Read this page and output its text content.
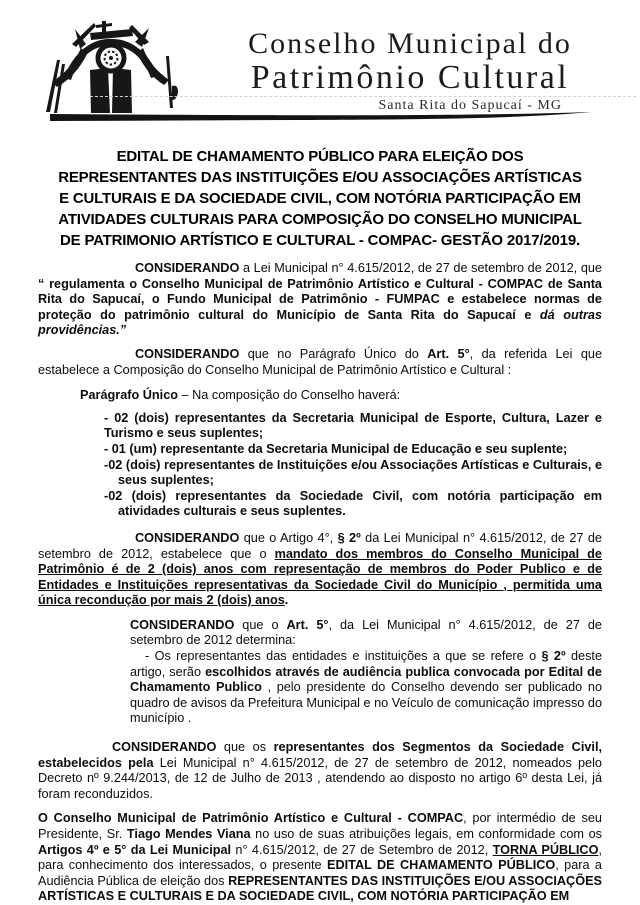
Conselho Municipal do
Patrimônio Cultural
Santa Rita do Sapucaí - MG
EDITAL DE CHAMAMENTO PÚBLICO PARA ELEIÇÃO DOS
REPRESENTANTES DAS INSTITUIÇÕES E/OU ASSOCIAÇÕES ARTÍSTICAS
E CULTURAIS E DA SOCIEDADE CIVIL, COM NOTÓRIA PARTICIPAÇÃO EM
ATIVIDADES CULTURAIS PARA COMPOSIÇÃO DO CONSELHO MUNICIPAL
DE PATRIMONIO ARTÍSTICO E CULTURAL - COMPAC- GESTÃO 2017/2019.
CONSIDERANDO a Lei Municipal n° 4.615/2012, de 27 de setembro de 2012, que “ regulamenta o Conselho Municipal de Patrimônio Artístico e Cultural - COMPAC de Santa Rita do Sapucaí, o Fundo Municipal de Patrimônio - FUMPAC e estabelece normas de proteção do patrimônio cultural do Município de Santa Rita do Sapucaí e dá outras providências.”
CONSIDERANDO que no Parágrafo Único do Art. 5°, da referida Lei que estabelece a Composição do Conselho Municipal de Patrimônio Artístico e Cultural :
Parágrafo Único – Na composição do Conselho haverá:
- 02 (dois) representantes da Secretaria Municipal de Esporte, Cultura, Lazer e Turismo e seus suplentes;
- 01 (um) representante da Secretaria Municipal de Educação e seu suplente;
-02 (dois) representantes de Instituições e/ou Associações Artísticas e Culturais, e seus suplentes;
-02 (dois) representantes da Sociedade Civil, com notória participação em atividades culturais e seus suplentes.
CONSIDERANDO que o Artigo 4°, § 2º da Lei Municipal n° 4.615/2012, de 27 de setembro de 2012, estabelece que o mandato dos membros do Conselho Municipal de Patrimônio é de 2 (dois) anos com representação de membros do Poder Publico e de Entidades e Instituições representativas da Sociedade Civil do Município , permitida uma única recondução por mais 2 (dois) anos.
CONSIDERANDO que o Art. 5°, da Lei Municipal n° 4.615/2012, de 27 de setembro de 2012 determina:
- Os representantes das entidades e instituições a que se refere o § 2º deste artigo, serão escolhidos através de audiência publica convocada por Edital de Chamamento Publico , pelo presidente do Conselho devendo ser publicado no quadro de avisos da Prefeitura Municipal e no Veículo de comunicação impresso do município .
CONSIDERANDO que os representantes dos Segmentos da Sociedade Civil, estabelecidos pela Lei Municipal n° 4.615/2012, de 27 de setembro de 2012, nomeados pelo Decreto nº 9.244/2013, de 12 de Julho de 2013 , atendendo ao disposto no artigo 6º desta Lei, já foram reconduzidos.
O Conselho Municipal de Patrimônio Artístico e Cultural - COMPAC, por intermédio de seu Presidente, Sr. Tiago Mendes Viana no uso de suas atribuições legais, em conformidade com os Artigos 4º e 5° da Lei Municipal n° 4.615/2012, de 27 de Setembro de 2012, TORNA PÚBLICO, para conhecimento dos interessados, o presente EDITAL DE CHAMAMENTO PÚBLICO, para a Audiência Pública de eleição dos REPRESENTANTES DAS INSTITUIÇÕES E/OU ASSOCIAÇÕES ARTÍSTICAS E CULTURAIS E DA SOCIEDADE CIVIL, COM NOTÓRIA PARTICIPAÇÃO EM
